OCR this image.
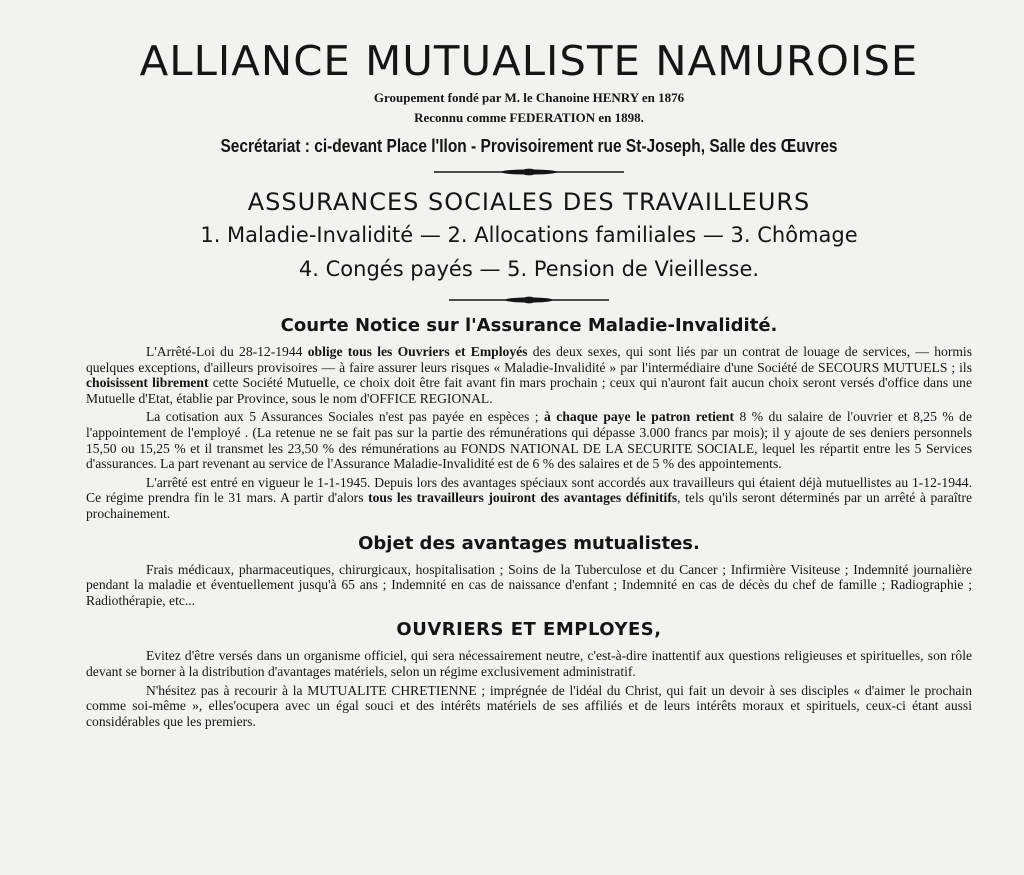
ALLIANCE MUTUALISTE NAMUROISE

Groupement fondé par M. le Chanoine HENRY en 1876

Reconnu comme FEDERATION en 1898.

Secrétariat : ci-devant Place l'Ilon - Provisoirement rue St-Joseph, Salle des Œuvres

ASSURANCES SOCIALES DES TRAVAILLEURS

1. Maladie-Invalidité — 2. Allocations familiales — 3. Chômage

4. Congés payés — 5. Pension de Vieillesse.

Courte Notice sur l'Assurance Maladie-Invalidité.

L'Arrêté-Loi du 28-12-1944 oblige tous les Ouvriers et Employés des deux sexes, qui sont liés par un contrat de louage de services, — hormis quelques exceptions, d'ailleurs provisoires — à faire assurer leurs risques « Maladie-Invalidité » par l'intermédiaire d'une Société de SECOURS MUTUELS ; ils choisissent librement cette Société Mutuelle, ce choix doit être fait avant fin mars prochain ; ceux qui n'auront fait aucun choix seront versés d'office dans une Mutuelle d'Etat, établie par Province, sous le nom d'OFFICE REGIONAL.

La cotisation aux 5 Assurances Sociales n'est pas payée en espèces ; à chaque paye le patron retient 8 % du salaire de l'ouvrier et 8,25 % de l'appointement de l'employé . (La retenue ne se fait pas sur la partie des rémunérations qui dépasse 3.000 francs par mois); il y ajoute de ses deniers personnels 15,50 ou 15,25 % et il transmet les 23,50 % des rémunérations au FONDS NATIONAL DE LA SECURITE SOCIALE, lequel les répartit entre les 5 Services d'assurances. La part revenant au service de l'Assurance Maladie-Invalidité est de 6 % des salaires et de 5 % des appointements.

L'arrêté est entré en vigueur le 1-1-1945. Depuis lors des avantages spéciaux sont accordés aux travailleurs qui étaient déjà mutuellistes au 1-12-1944. Ce régime prendra fin le 31 mars. A partir d'alors tous les travailleurs jouiront des avantages définitifs, tels qu'ils seront déterminés par un arrêté à paraître prochainement.

Objet des avantages mutualistes.

Frais médicaux, pharmaceutiques, chirurgicaux, hospitalisation ; Soins de la Tuberculose et du Cancer ; Infirmière Visiteuse ; Indemnité journalière pendant la maladie et éventuellement jusqu'à 65 ans ; Indemnité en cas de naissance d'enfant ; Indemnité en cas de décès du chef de famille ; Radiographie ; Radiothérapie, etc...

OUVRIERS ET EMPLOYES,

Evitez d'être versés dans un organisme officiel, qui sera nécessairement neutre, c'est-à-dire inattentif aux questions religieuses et spirituelles, son rôle devant se borner à la distribution d'avantages matériels, selon un régime exclusivement administratif.

N'hésitez pas à recourir à la MUTUALITE CHRETIENNE ; imprégnée de l'idéal du Christ, qui fait un devoir à ses disciples « d'aimer le prochain comme soi-même », elles'ocupera avec un égal souci et des intérêts matériels de ses affiliés et de leurs intérêts moraux et spirituels, ceux-ci étant aussi considérables que les premiers.
